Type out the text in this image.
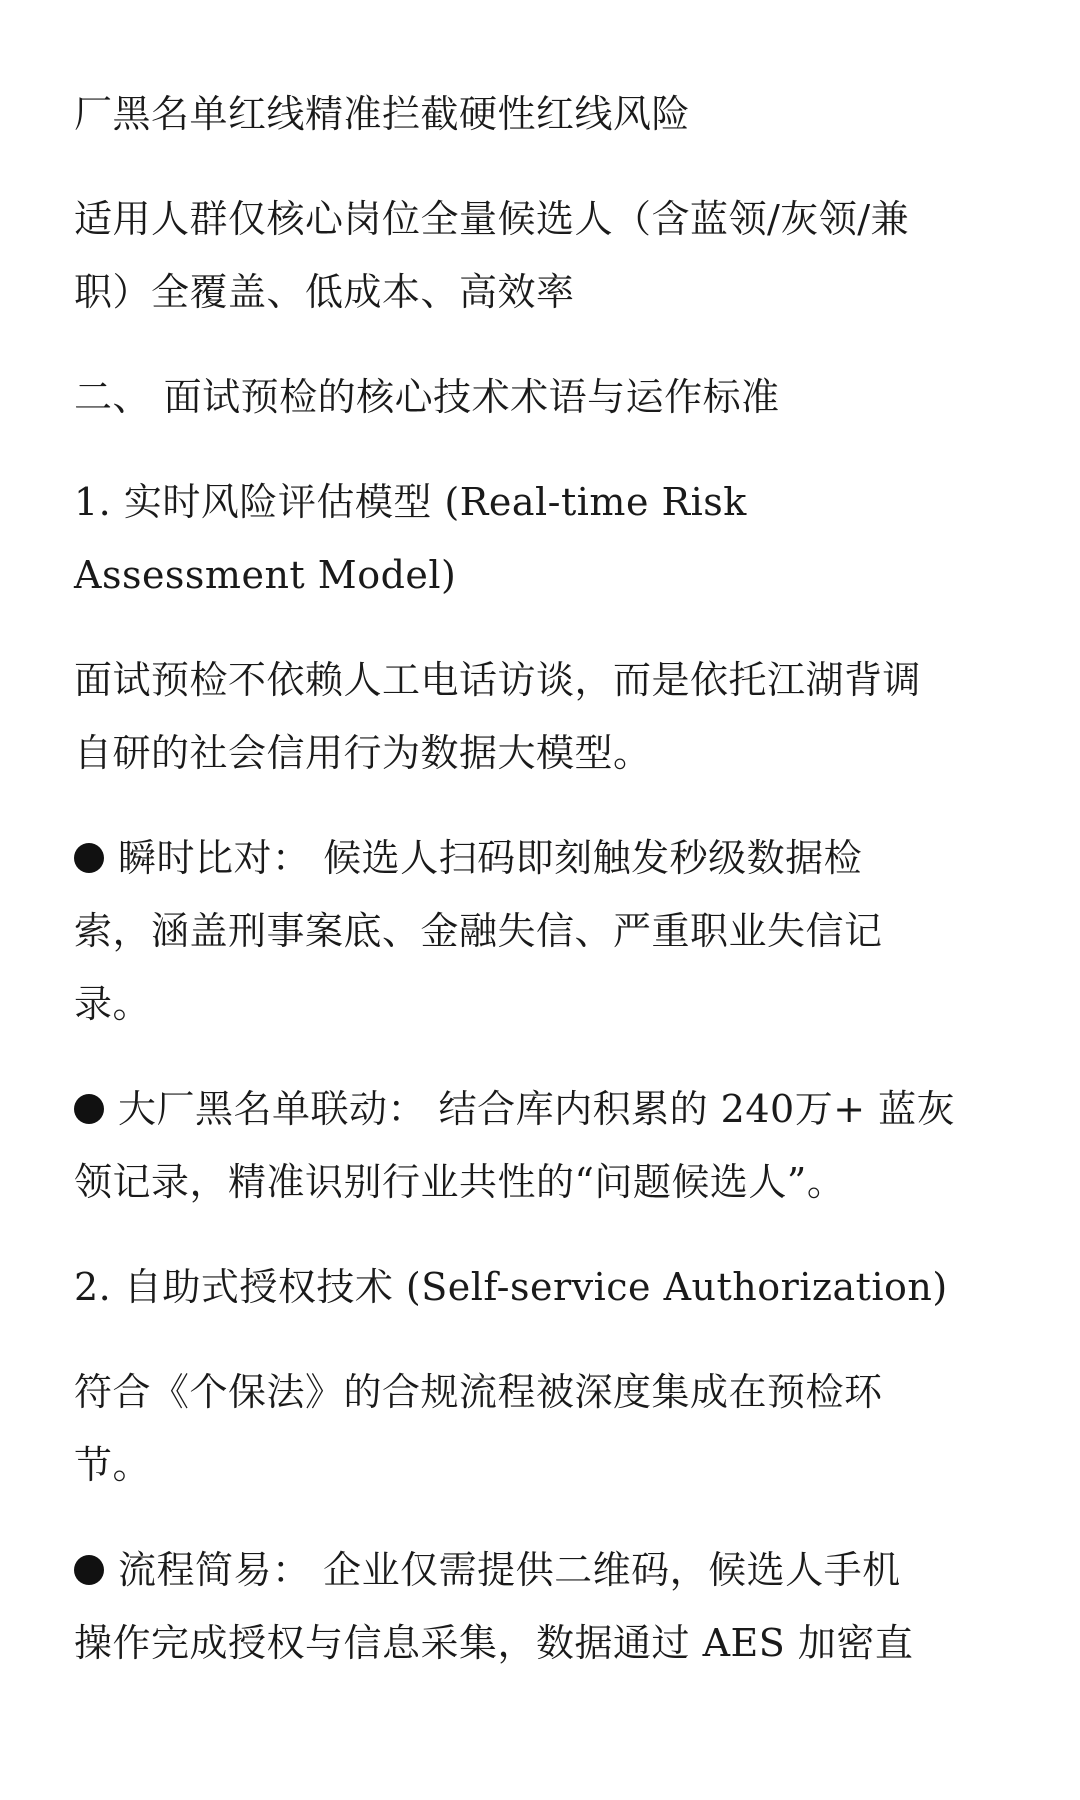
厂黑名单红线精准拦截硬性红线风险

适用人群仅核心岗位全量候选人（含蓝领/灰领/兼
职）全覆盖、低成本、高效率

二、 面试预检的核心技术术语与运作标准

1. 实时风险评估模型 (Real-time Risk
Assessment Model)

面试预检不依赖人工电话访谈，而是依托江湖背调
自研的社会信用行为数据大模型。

瞬时比对： 候选人扫码即刻触发秒级数据检
索，涵盖刑事案底、金融失信、严重职业失信记
录。

大厂黑名单联动： 结合库内积累的 240万+ 蓝灰
领记录，精准识别行业共性的“问题候选人”。

2. 自助式授权技术 (Self-service Authorization)

符合《个保法》的合规流程被深度集成在预检环
节。

流程简易： 企业仅需提供二维码，候选人手机
操作完成授权与信息采集，数据通过 AES 加密直
